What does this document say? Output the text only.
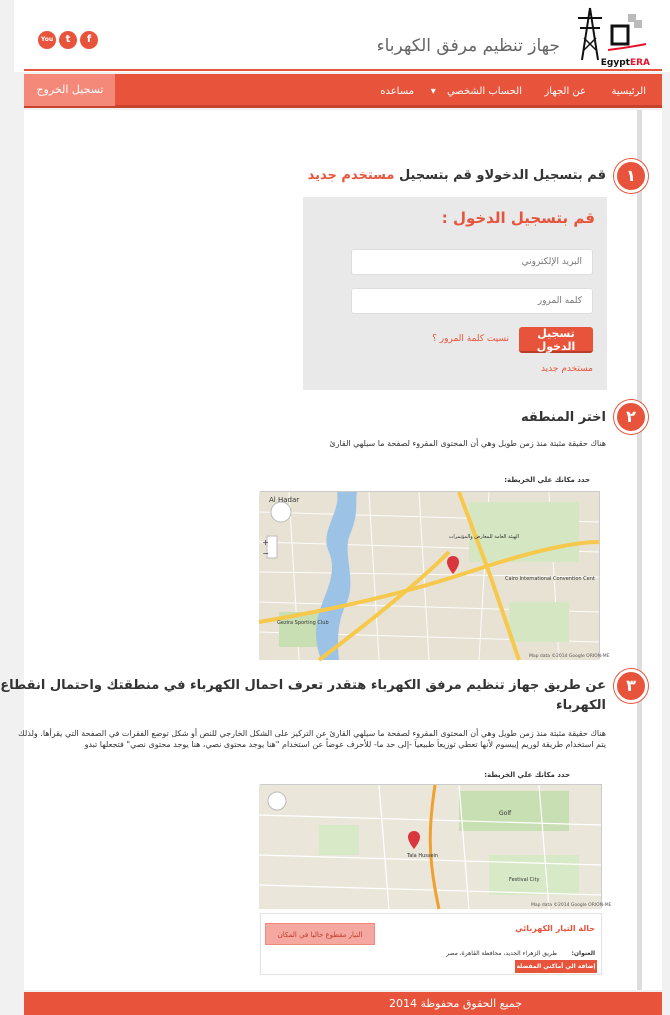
EgyptERA
جهاز تنظيم مرفق الكهرباء
You Tube
t	f
الرئيسية
عن الجهاز
الحساب الشخصي ▾
مساعده
تسجيل الخروج
١
قم بتسجيل الدخولاو قم بتسجيل مستخدم جديد
قم بتسجيل الدخول :
البريد الإلكتروني
تسجيل الدخول
نسيت كلمة المرور ؟
مستخدم جديد
٢
اختر المنطقه
هناك حقيقة مثبتة منذ زمن طويل وهي أن المحتوى المقروء لصفحة ما سيلهي القارئ
حدد مكانك علي الخريطة:
Al Hadar
Cairo International Convention Cent
الهيئة العامة للمعارض والمؤتمرات
Gezira Sporting Club
Map data ©2014 Google ORION-ME
+
−
٣
عن طريق جهاز تنظيم مرفق الكهرباء هتقدر تعرف احمال الكهرباء في منطقتك واحتمال انقطاع
الكهرباء
هناك حقيقة مثبتة منذ زمن طويل وهي أن المحتوى المقروء لصفحة ما سيلهي القارئ عن التركيز على الشكل الخارجي للنص أو شكل توضع الفقرات في الصفحة التي يقرأها. ولذلك يتم استخدام طريقة لوريم إيبسوم لأنها تعطي توزيعاَ طبيعياَ -إلى حد ما- للأحرف عوضاً عن استخدام "هنا يوجد محتوى نصي، هنا يوجد محتوى نصي" فتجعلها تبدو
حدد مكانك علي الخريطة:
Golf
Tala Hussein
Festival City
Map data ©2014 Google ORION-ME
حالة التيار الكهربائي
التيار مقطوع حاليا في المكان
العنوان:
طريق الزهراء الجديد، محافظة القاهرة، مصر
إضافة الي أماكني المفضلة
جميع الحقوق محفوظة 2014
